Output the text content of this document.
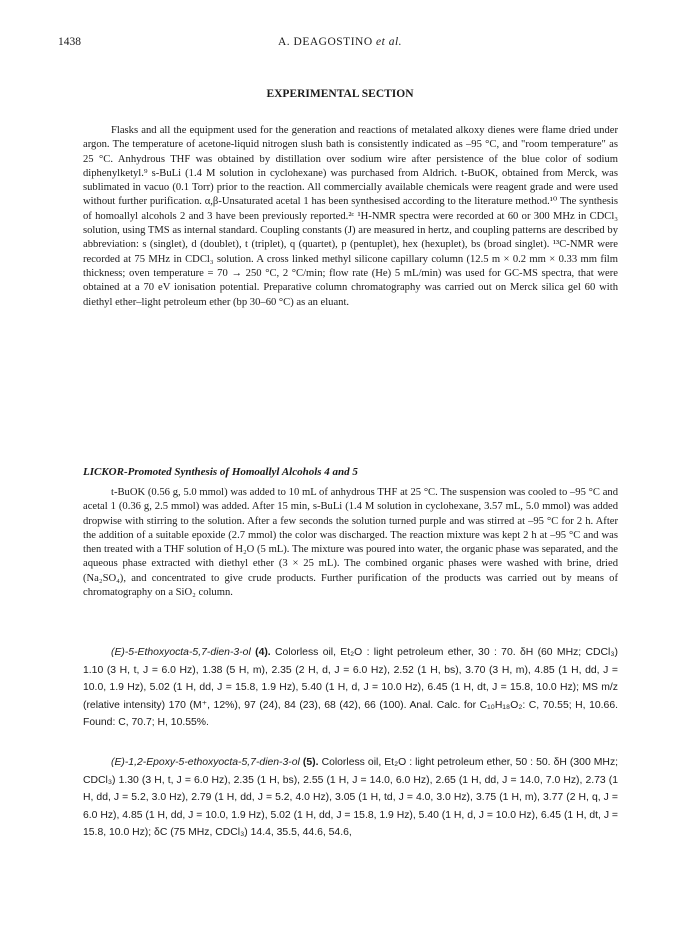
1438	A. DEAGOSTINO et al.
EXPERIMENTAL SECTION

Flasks and all the equipment used for the generation and reactions of metalated alkoxy dienes were flame dried under argon. The temperature of acetone-liquid nitrogen slush bath is consistently indicated as –95 °C, and "room temperature" as 25 °C. Anhydrous THF was obtained by distillation over sodium wire after persistence of the blue color of sodium diphenylketyl.⁹ s-BuLi (1.4 M solution in cyclohexane) was purchased from Aldrich. t-BuOK, obtained from Merck, was sublimated in vacuo (0.1 Torr) prior to the reaction. All commercially available chemicals were reagent grade and were used without further purification. α,β-Unsaturated acetal 1 has been synthesised according to the literature method.¹⁰ The synthesis of homoallyl alcohols 2 and 3 have been previously reported.²ᶜ ¹H-NMR spectra were recorded at 60 or 300 MHz in CDCl₃ solution, using TMS as internal standard. Coupling constants (J) are measured in hertz, and coupling patterns are described by abbreviation: s (singlet), d (doublet), t (triplet), q (quartet), p (pentuplet), hex (hexuplet), bs (broad singlet). ¹³C-NMR were recorded at 75 MHz in CDCl₃ solution. A cross linked methyl silicone capillary column (12.5 m × 0.2 mm × 0.33 mm film thickness; oven temperature = 70 → 250 °C, 2 °C/min; flow rate (He) 5 mL/min) was used for GC-MS spectra, that were obtained at a 70 eV ionisation potential. Preparative column chromatography was carried out on Merck silica gel 60 with diethyl ether–light petroleum ether (bp 30–60 °C) as an eluant.

LICKOR-Promoted Synthesis of Homoallyl Alcohols 4 and 5

t-BuOK (0.56 g, 5.0 mmol) was added to 10 mL of anhydrous THF at 25 °C. The suspension was cooled to –95 °C and acetal 1 (0.36 g, 2.5 mmol) was added. After 15 min, s-BuLi (1.4 M solution in cyclohexane, 3.57 mL, 5.0 mmol) was added dropwise with stirring to the solution. After a few seconds the solution turned purple and was stirred at –95 °C for 2 h. After the addition of a suitable epoxide (2.7 mmol) the color was discharged. The reaction mixture was kept 2 h at –95 °C and was then treated with a THF solution of H₂O (5 mL). The mixture was poured into water, the organic phase was separated, and the aqueous phase extracted with diethyl ether (3 × 25 mL). The combined organic phases were washed with brine, dried (Na₂SO₄), and concentrated to give crude products. Further purification of the products was carried out by means of chromatography on a SiO₂ column.

(E)-5-Ethoxyocta-5,7-dien-3-ol (4). Colorless oil, Et₂O : light petroleum ether, 30 : 70. δH (60 MHz; CDCl₃) 1.10 (3 H, t, J = 6.0 Hz), 1.38 (5 H, m), 2.35 (2 H, d, J = 6.0 Hz), 2.52 (1 H, bs), 3.70 (3 H, m), 4.85 (1 H, dd, J = 10.0, 1.9 Hz), 5.02 (1 H, dd, J = 15.8, 1.9 Hz), 5.40 (1 H, d, J = 10.0 Hz), 6.45 (1 H, dt, J = 15.8, 10.0 Hz); MS m/z (relative intensity) 170 (M⁺, 12%), 97 (24), 84 (23), 68 (42), 66 (100). Anal. Calc. for C₁₀H₁₈O₂: C, 70.55; H, 10.66. Found: C, 70.7; H, 10.55%.

(E)-1,2-Epoxy-5-ethoxyocta-5,7-dien-3-ol (5). Colorless oil, Et₂O : light petroleum ether, 50 : 50. δH (300 MHz; CDCl₃) 1.30 (3 H, t, J = 6.0 Hz), 2.35 (1 H, bs), 2.55 (1 H, J = 14.0, 6.0 Hz), 2.65 (1 H, dd, J = 14.0, 7.0 Hz), 2.73 (1 H, dd, J = 5.2, 3.0 Hz), 2.79 (1 H, dd, J = 5.2, 4.0 Hz), 3.05 (1 H, td, J = 4.0, 3.0 Hz), 3.75 (1 H, m), 3.77 (2 H, q, J = 6.0 Hz), 4.85 (1 H, dd, J = 10.0, 1.9 Hz), 5.02 (1 H, dd, J = 15.8, 1.9 Hz), 5.40 (1 H, d, J = 10.0 Hz), 6.45 (1 H, dt, J = 15.8, 10.0 Hz); δC (75 MHz, CDCl₃) 14.4, 35.5, 44.6, 54.6,
